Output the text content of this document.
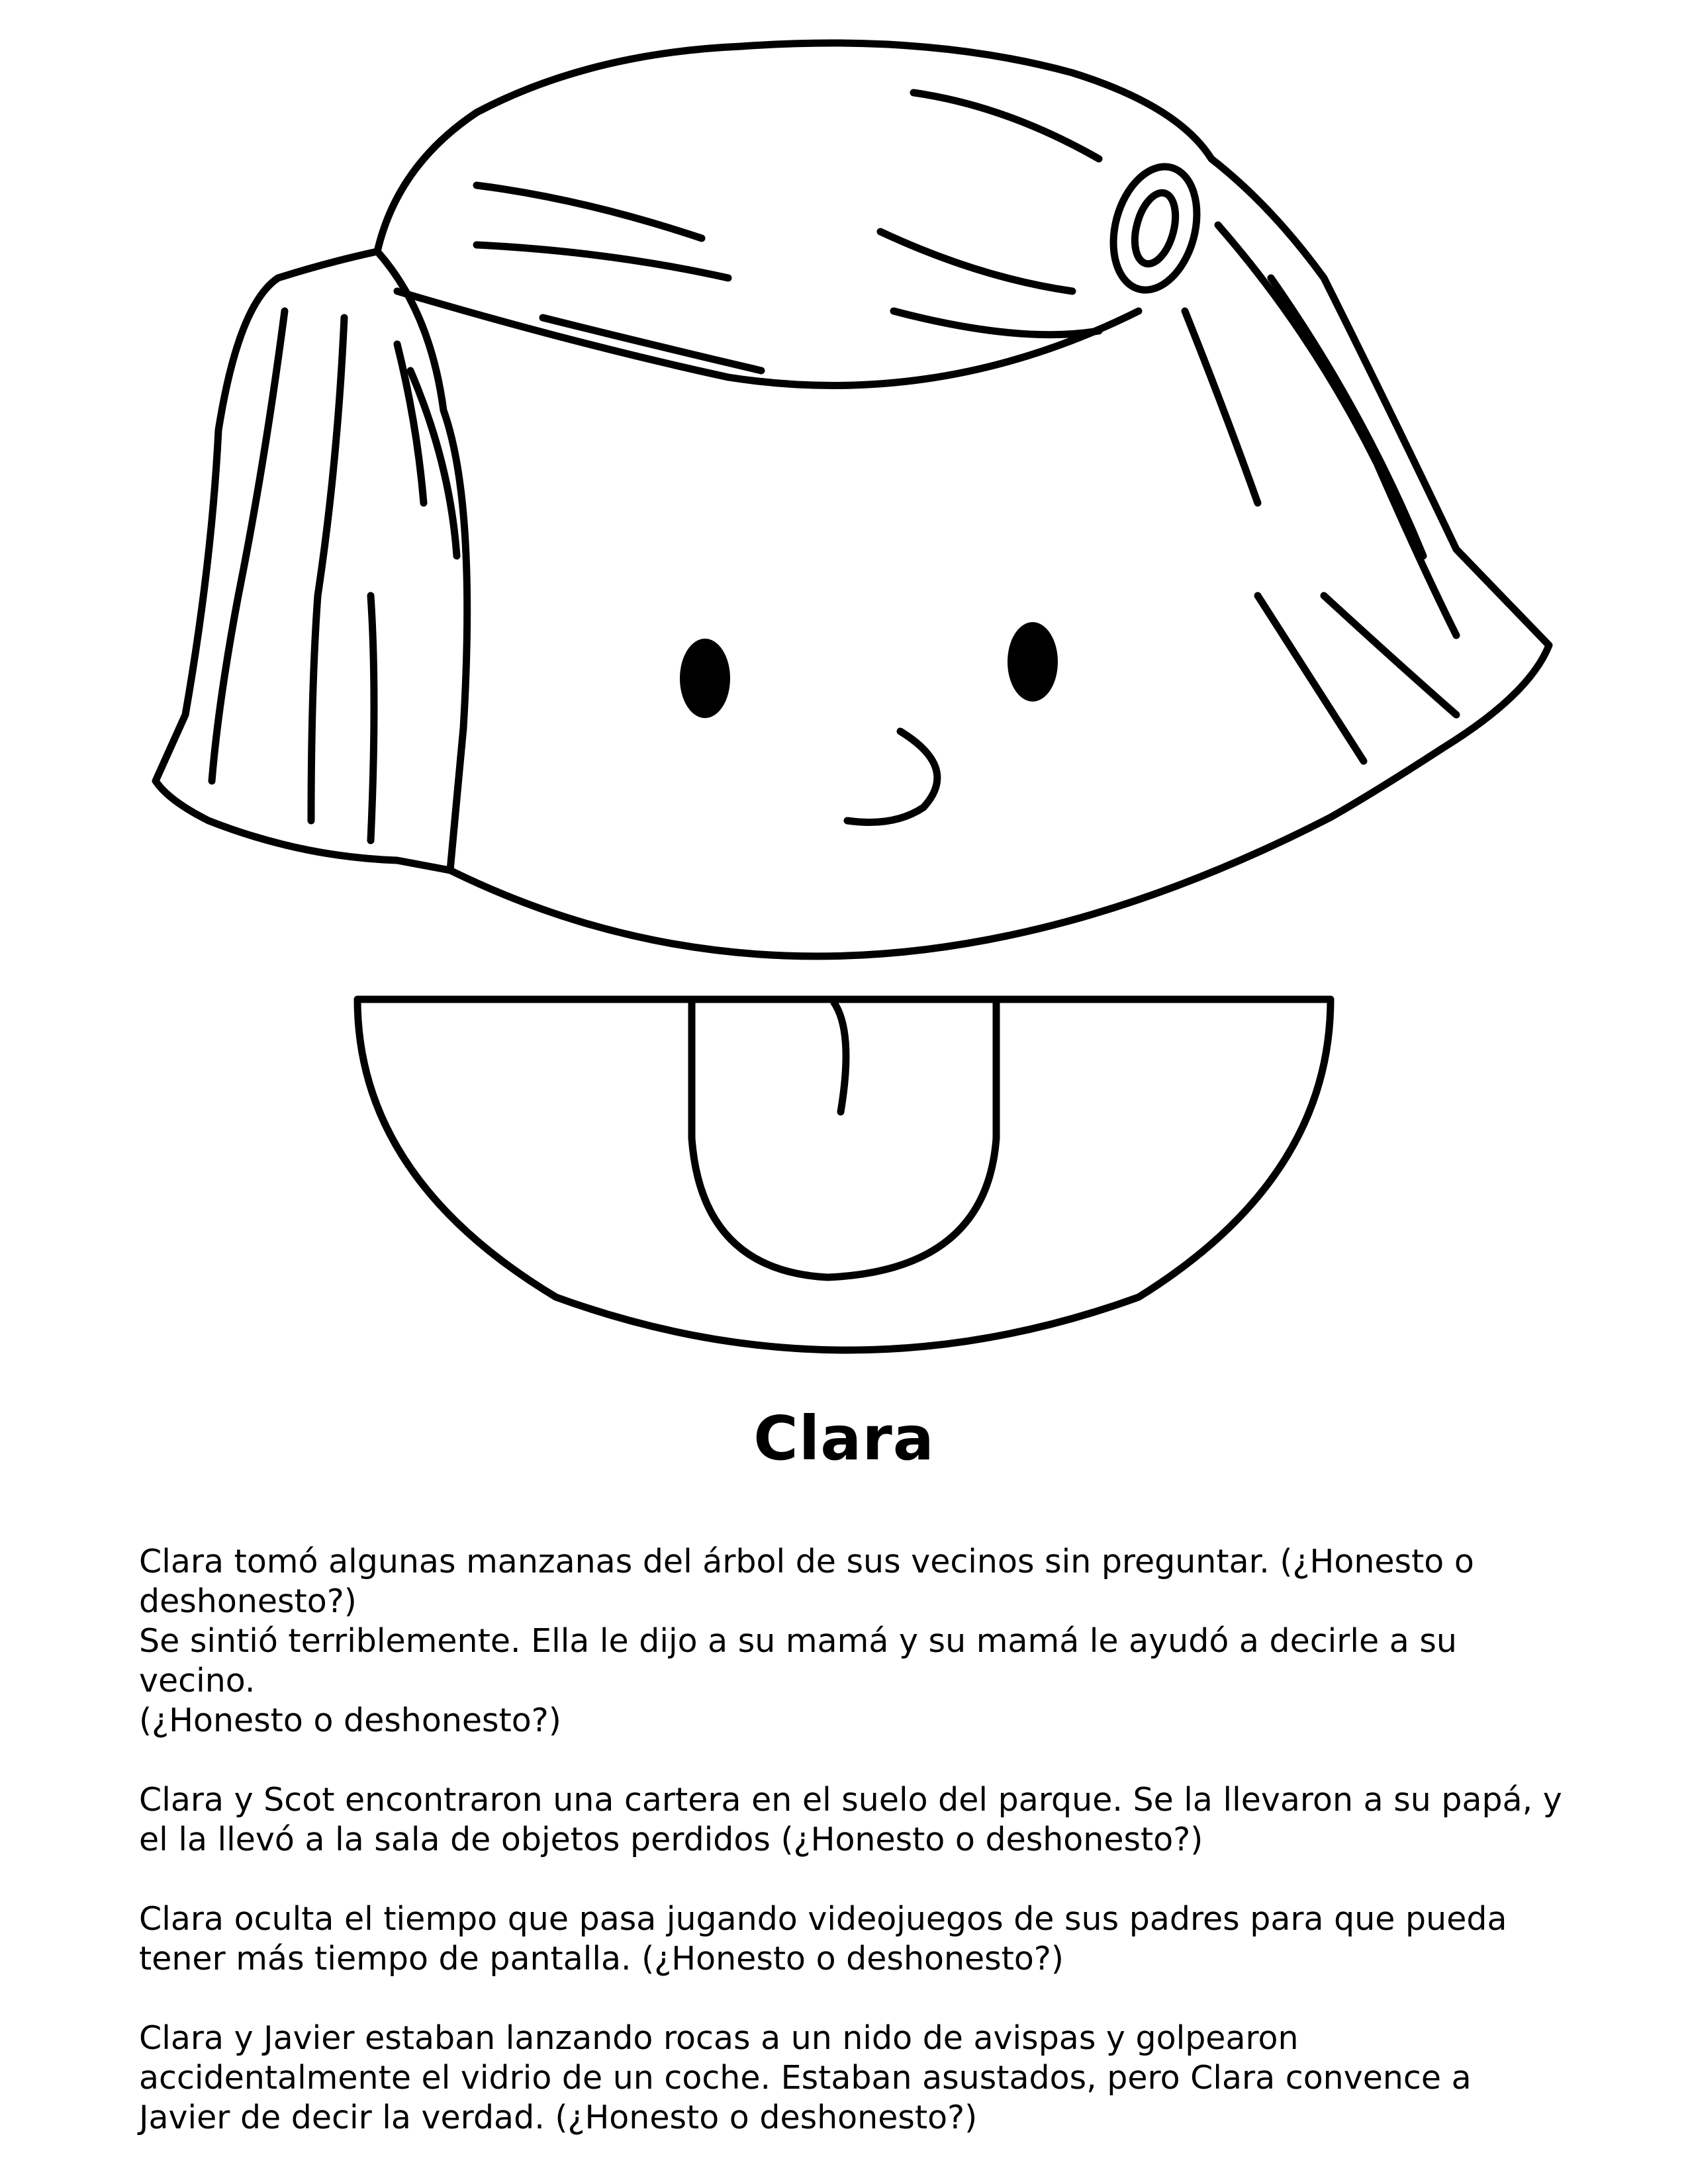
Clara

Clara tomó algunas manzanas del árbol de sus vecinos sin preguntar. (¿Honesto o
deshonesto?)
Se sintió terriblemente. Ella le dijo a su mamá y su mamá le ayudó a decirle a su vecino.
(¿Honesto o deshonesto?)

Clara y Scot encontraron una cartera en el suelo del parque. Se la llevaron a su papá, y
el la llevó a la sala de objetos perdidos (¿Honesto o deshonesto?)

Clara oculta el tiempo que pasa jugando videojuegos de sus padres para que pueda
tener más tiempo de pantalla. (¿Honesto o deshonesto?)

Clara y Javier estaban lanzando rocas a un nido de avispas y golpearon
accidentalmente el vidrio de un coche. Estaban asustados, pero Clara convence a
Javier de decir la verdad. (¿Honesto o deshonesto?)
